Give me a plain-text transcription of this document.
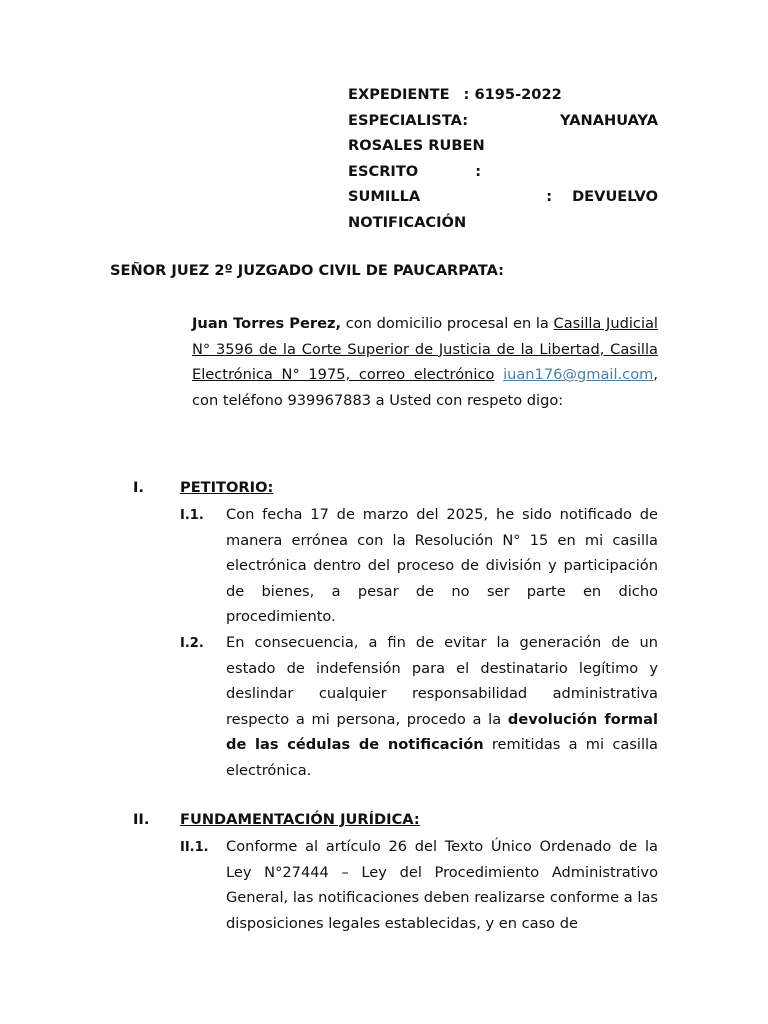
EXPEDIENTE : 6195-2022
ESPECIALISTA:	YANAHUAYA
ROSALES RUBEN
ESCRITO	:
SUMILLA	: DEVUELVO
NOTIFICACIÓN
SEÑOR JUEZ 2º JUZGADO CIVIL DE PAUCARPATA:
Juan Torres Perez, con domicilio procesal en la Casilla Judicial N° 3596 de la Corte Superior de Justicia de la Libertad, Casilla Electrónica N° 1975, correo electrónico iuan176@gmail.com, con teléfono 939967883 a Usted con respeto digo:
I.	PETITORIO:
I.1.	Con fecha 17 de marzo del 2025, he sido notificado de manera errónea con la Resolución N° 15 en mi casilla electrónica dentro del proceso de división y participación de bienes, a pesar de no ser parte en dicho procedimiento.
I.2.	En consecuencia, a fin de evitar la generación de un estado de indefensión para el destinatario legítimo y deslindar cualquier responsabilidad administrativa respecto a mi persona, procedo a la devolución formal de las cédulas de notificación remitidas a mi casilla electrónica.
II.	FUNDAMENTACIÓN JURÍDICA:
II.1.	Conforme al artículo 26 del Texto Único Ordenado de la Ley N°27444 – Ley del Procedimiento Administrativo General, las notificaciones deben realizarse conforme a las disposiciones legales establecidas, y en caso de
